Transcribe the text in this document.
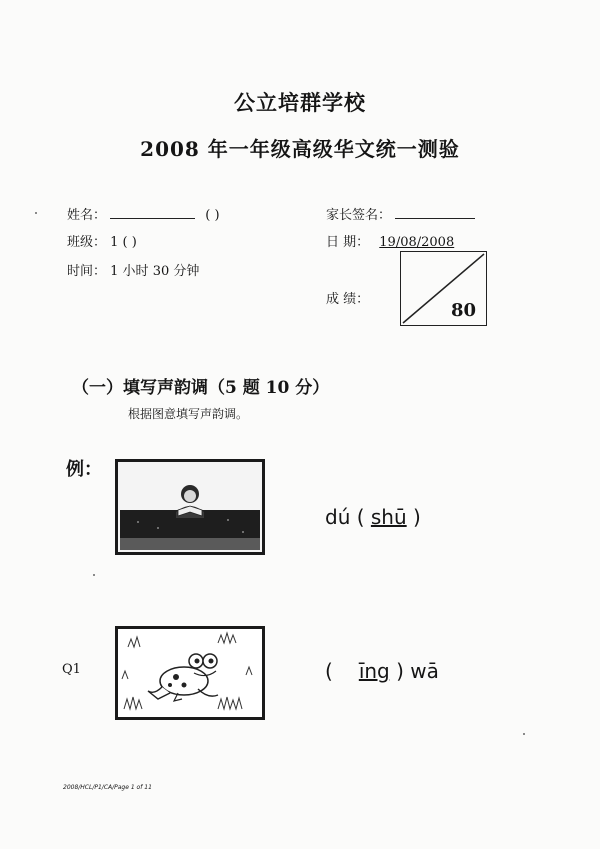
公立培群学校
2008 年一年级高级华文统一测验
姓名：	( )	家长签名：
班级： 1 ( )	日 期： 19/08/2008
时间： 1 小时 30 分钟
成 绩：
80
（一）填写声韵调（5 题 10 分）
根据图意填写声韵调。
例：
dú ( shū )
Q1	( īng ) wā
2008/HCL/P1/CA/Page 1 of 11
